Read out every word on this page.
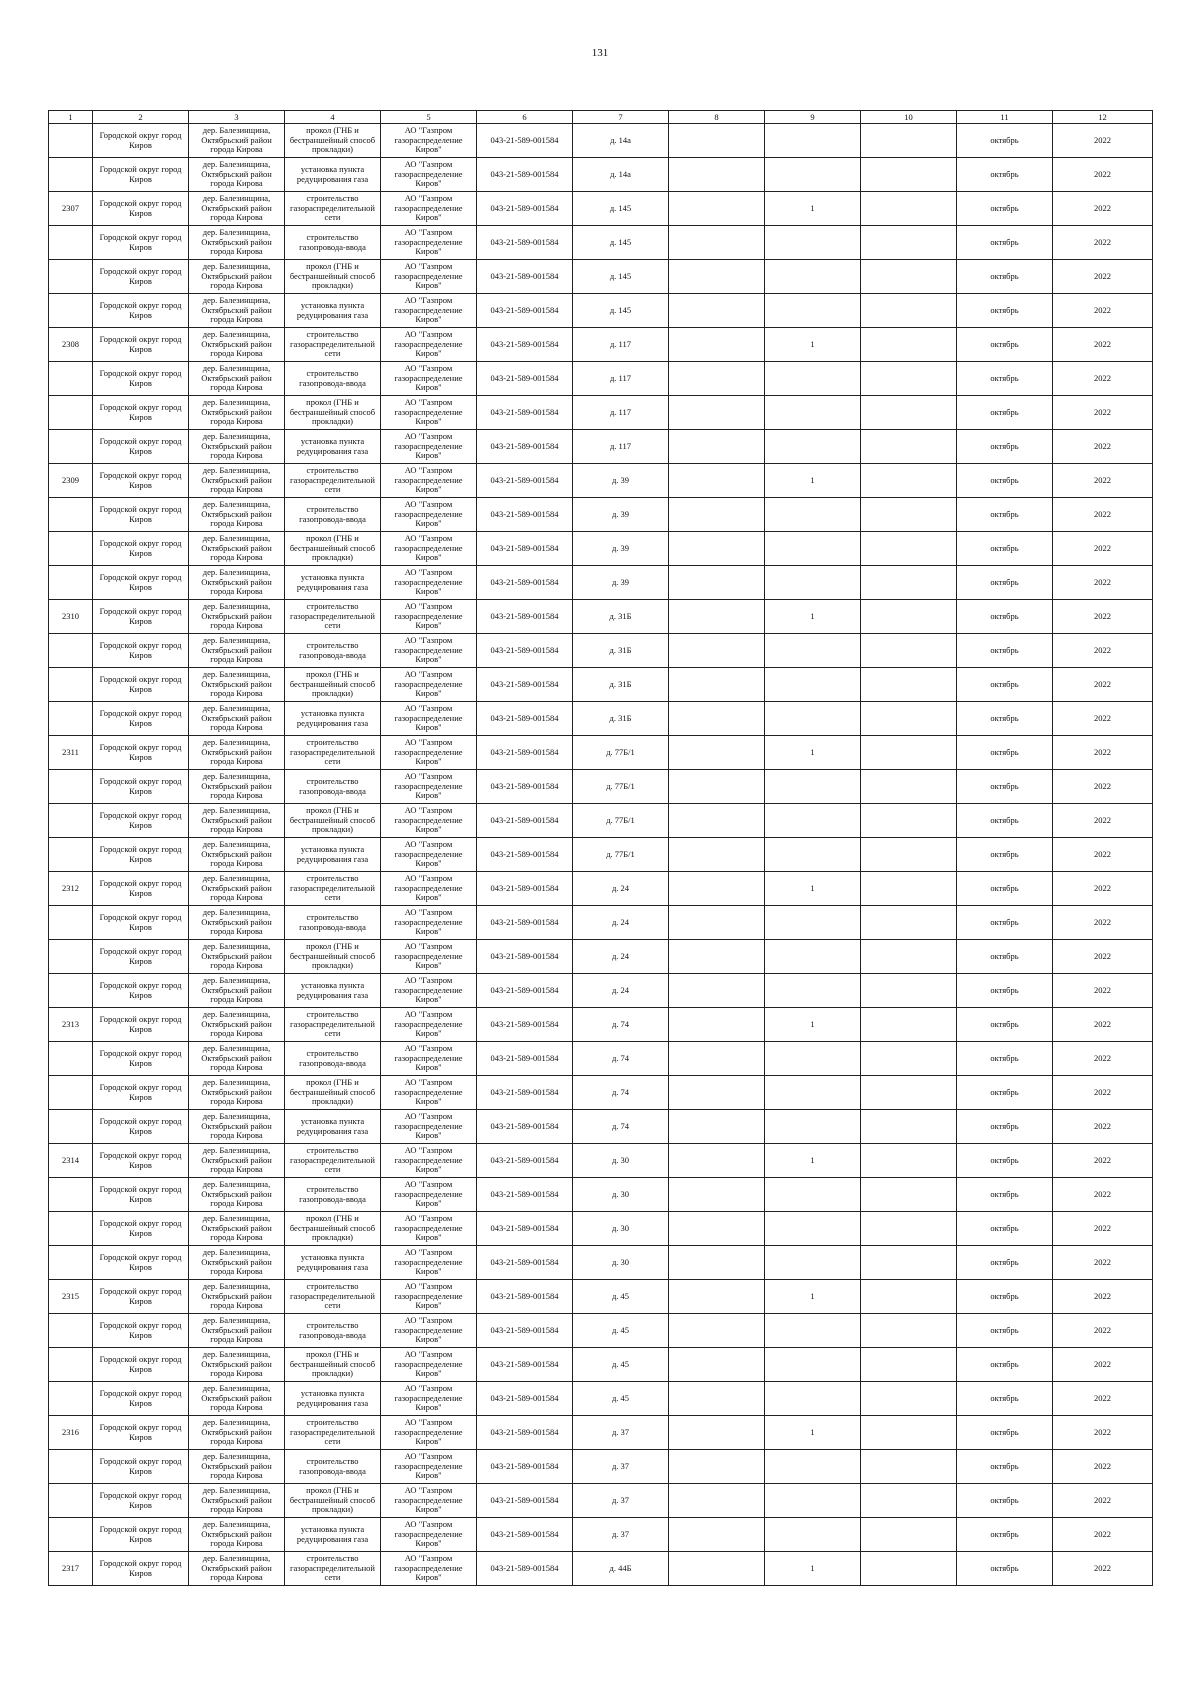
131
1	2	3	4	5	6	7	8	9	10	11	12
	Городской округ город Киров	дер. Балезинщина, Октябрьский район города Кирова	прокол (ГНБ и бестраншейный способ прокладки)	АО "Газпром газораспределение Киров"	043-21-589-001584	д. 14а				октябрь	2022
	Городской округ город Киров	дер. Балезинщина, Октябрьский район города Кирова	установка пункта редуцирования газа	АО "Газпром газораспределение Киров"	043-21-589-001584	д. 14а				октябрь	2022
2307	Городской округ город Киров	дер. Балезинщина, Октябрьский район города Кирова	строительство газораспределительной сети	АО "Газпром газораспределение Киров"	043-21-589-001584	д. 145		1		октябрь	2022
	Городской округ город Киров	дер. Балезинщина, Октябрьский район города Кирова	строительство газопровода-ввода	АО "Газпром газораспределение Киров"	043-21-589-001584	д. 145				октябрь	2022
	Городской округ город Киров	дер. Балезинщина, Октябрьский район города Кирова	прокол (ГНБ и бестраншейный способ прокладки)	АО "Газпром газораспределение Киров"	043-21-589-001584	д. 145				октябрь	2022
	Городской округ город Киров	дер. Балезинщина, Октябрьский район города Кирова	установка пункта редуцирования газа	АО "Газпром газораспределение Киров"	043-21-589-001584	д. 145				октябрь	2022
2308	Городской округ город Киров	дер. Балезинщина, Октябрьский район города Кирова	строительство газораспределительной сети	АО "Газпром газораспределение Киров"	043-21-589-001584	д. 117		1		октябрь	2022
	Городской округ город Киров	дер. Балезинщина, Октябрьский район города Кирова	строительство газопровода-ввода	АО "Газпром газораспределение Киров"	043-21-589-001584	д. 117				октябрь	2022
	Городской округ город Киров	дер. Балезинщина, Октябрьский район города Кирова	прокол (ГНБ и бестраншейный способ прокладки)	АО "Газпром газораспределение Киров"	043-21-589-001584	д. 117				октябрь	2022
	Городской округ город Киров	дер. Балезинщина, Октябрьский район города Кирова	установка пункта редуцирования газа	АО "Газпром газораспределение Киров"	043-21-589-001584	д. 117				октябрь	2022
2309	Городской округ город Киров	дер. Балезинщина, Октябрьский район города Кирова	строительство газораспределительной сети	АО "Газпром газораспределение Киров"	043-21-589-001584	д. 39		1		октябрь	2022
	Городской округ город Киров	дер. Балезинщина, Октябрьский район города Кирова	строительство газопровода-ввода	АО "Газпром газораспределение Киров"	043-21-589-001584	д. 39				октябрь	2022
	Городской округ город Киров	дер. Балезинщина, Октябрьский район города Кирова	прокол (ГНБ и бестраншейный способ прокладки)	АО "Газпром газораспределение Киров"	043-21-589-001584	д. 39				октябрь	2022
	Городской округ город Киров	дер. Балезинщина, Октябрьский район города Кирова	установка пункта редуцирования газа	АО "Газпром газораспределение Киров"	043-21-589-001584	д. 39				октябрь	2022
2310	Городской округ город Киров	дер. Балезинщина, Октябрьский район города Кирова	строительство газораспределительной сети	АО "Газпром газораспределение Киров"	043-21-589-001584	д. 31Б		1		октябрь	2022
	Городской округ город Киров	дер. Балезинщина, Октябрьский район города Кирова	строительство газопровода-ввода	АО "Газпром газораспределение Киров"	043-21-589-001584	д. 31Б				октябрь	2022
	Городской округ город Киров	дер. Балезинщина, Октябрьский район города Кирова	прокол (ГНБ и бестраншейный способ прокладки)	АО "Газпром газораспределение Киров"	043-21-589-001584	д. 31Б				октябрь	2022
	Городской округ город Киров	дер. Балезинщина, Октябрьский район города Кирова	установка пункта редуцирования газа	АО "Газпром газораспределение Киров"	043-21-589-001584	д. 31Б				октябрь	2022
2311	Городской округ город Киров	дер. Балезинщина, Октябрьский район города Кирова	строительство газораспределительной сети	АО "Газпром газораспределение Киров"	043-21-589-001584	д. 77Б/1		1		октябрь	2022
	Городской округ город Киров	дер. Балезинщина, Октябрьский район города Кирова	строительство газопровода-ввода	АО "Газпром газораспределение Киров"	043-21-589-001584	д. 77Б/1				октябрь	2022
	Городской округ город Киров	дер. Балезинщина, Октябрьский район города Кирова	прокол (ГНБ и бестраншейный способ прокладки)	АО "Газпром газораспределение Киров"	043-21-589-001584	д. 77Б/1				октябрь	2022
	Городской округ город Киров	дер. Балезинщина, Октябрьский район города Кирова	установка пункта редуцирования газа	АО "Газпром газораспределение Киров"	043-21-589-001584	д. 77Б/1				октябрь	2022
2312	Городской округ город Киров	дер. Балезинщина, Октябрьский район города Кирова	строительство газораспределительной сети	АО "Газпром газораспределение Киров"	043-21-589-001584	д. 24		1		октябрь	2022
	Городской округ город Киров	дер. Балезинщина, Октябрьский район города Кирова	строительство газопровода-ввода	АО "Газпром газораспределение Киров"	043-21-589-001584	д. 24				октябрь	2022
	Городской округ город Киров	дер. Балезинщина, Октябрьский район города Кирова	прокол (ГНБ и бестраншейный способ прокладки)	АО "Газпром газораспределение Киров"	043-21-589-001584	д. 24				октябрь	2022
	Городской округ город Киров	дер. Балезинщина, Октябрьский район города Кирова	установка пункта редуцирования газа	АО "Газпром газораспределение Киров"	043-21-589-001584	д. 24				октябрь	2022
2313	Городской округ город Киров	дер. Балезинщина, Октябрьский район города Кирова	строительство газораспределительной сети	АО "Газпром газораспределение Киров"	043-21-589-001584	д. 74		1		октябрь	2022
	Городской округ город Киров	дер. Балезинщина, Октябрьский район города Кирова	строительство газопровода-ввода	АО "Газпром газораспределение Киров"	043-21-589-001584	д. 74				октябрь	2022
	Городской округ город Киров	дер. Балезинщина, Октябрьский район города Кирова	прокол (ГНБ и бестраншейный способ прокладки)	АО "Газпром газораспределение Киров"	043-21-589-001584	д. 74				октябрь	2022
	Городской округ город Киров	дер. Балезинщина, Октябрьский район города Кирова	установка пункта редуцирования газа	АО "Газпром газораспределение Киров"	043-21-589-001584	д. 74				октябрь	2022
2314	Городской округ город Киров	дер. Балезинщина, Октябрьский район города Кирова	строительство газораспределительной сети	АО "Газпром газораспределение Киров"	043-21-589-001584	д. 30		1		октябрь	2022
	Городской округ город Киров	дер. Балезинщина, Октябрьский район города Кирова	строительство газопровода-ввода	АО "Газпром газораспределение Киров"	043-21-589-001584	д. 30				октябрь	2022
	Городской округ город Киров	дер. Балезинщина, Октябрьский район города Кирова	прокол (ГНБ и бестраншейный способ прокладки)	АО "Газпром газораспределение Киров"	043-21-589-001584	д. 30				октябрь	2022
	Городской округ город Киров	дер. Балезинщина, Октябрьский район города Кирова	установка пункта редуцирования газа	АО "Газпром газораспределение Киров"	043-21-589-001584	д. 30				октябрь	2022
2315	Городской округ город Киров	дер. Балезинщина, Октябрьский район города Кирова	строительство газораспределительной сети	АО "Газпром газораспределение Киров"	043-21-589-001584	д. 45		1		октябрь	2022
	Городской округ город Киров	дер. Балезинщина, Октябрьский район города Кирова	строительство газопровода-ввода	АО "Газпром газораспределение Киров"	043-21-589-001584	д. 45				октябрь	2022
	Городской округ город Киров	дер. Балезинщина, Октябрьский район города Кирова	прокол (ГНБ и бестраншейный способ прокладки)	АО "Газпром газораспределение Киров"	043-21-589-001584	д. 45				октябрь	2022
	Городской округ город Киров	дер. Балезинщина, Октябрьский район города Кирова	установка пункта редуцирования газа	АО "Газпром газораспределение Киров"	043-21-589-001584	д. 45				октябрь	2022
2316	Городской округ город Киров	дер. Балезинщина, Октябрьский район города Кирова	строительство газораспределительной сети	АО "Газпром газораспределение Киров"	043-21-589-001584	д. 37		1		октябрь	2022
	Городской округ город Киров	дер. Балезинщина, Октябрьский район города Кирова	строительство газопровода-ввода	АО "Газпром газораспределение Киров"	043-21-589-001584	д. 37				октябрь	2022
	Городской округ город Киров	дер. Балезинщина, Октябрьский район города Кирова	прокол (ГНБ и бестраншейный способ прокладки)	АО "Газпром газораспределение Киров"	043-21-589-001584	д. 37				октябрь	2022
	Городской округ город Киров	дер. Балезинщина, Октябрьский район города Кирова	установка пункта редуцирования газа	АО "Газпром газораспределение Киров"	043-21-589-001584	д. 37				октябрь	2022
2317	Городской округ город Киров	дер. Балезинщина, Октябрьский район города Кирова	строительство газораспределительной сети	АО "Газпром газораспределение Киров"	043-21-589-001584	д. 44Б		1		октябрь	2022
